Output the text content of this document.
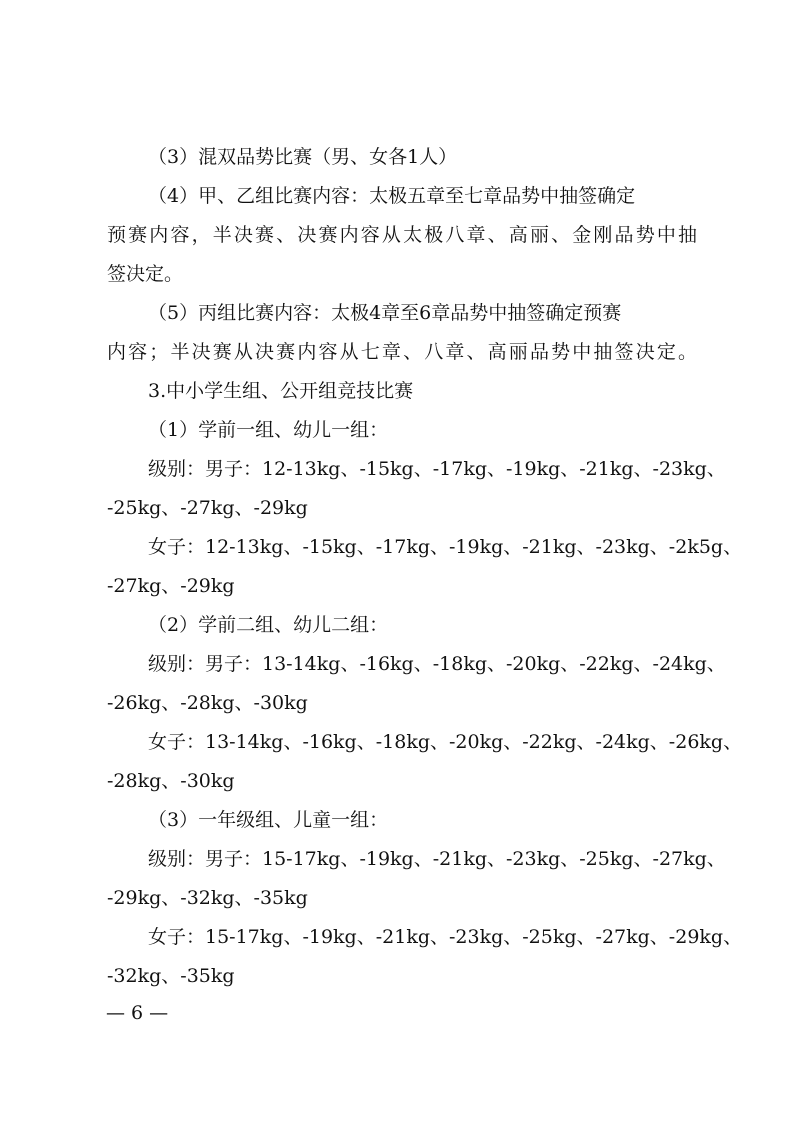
（3）混双品势比赛（男、女各1人）
（4）甲、乙组比赛内容：太极五章至七章品势中抽签确定
预赛内容，半决赛、决赛内容从太极八章、高丽、金刚品势中抽
签决定。
（5）丙组比赛内容：太极4章至6章品势中抽签确定预赛
内容；半决赛从决赛内容从七章、八章、高丽品势中抽签决定。
3.中小学生组、公开组竞技比赛
（1）学前一组、幼儿一组：
级别：男子：12-13kg、-15kg、-17kg、-19kg、-21kg、-23kg、
-25kg、-27kg、-29kg
女子：12-13kg、-15kg、-17kg、-19kg、-21kg、-23kg、-2k5g、
-27kg、-29kg
（2）学前二组、幼儿二组：
级别：男子：13-14kg、-16kg、-18kg、-20kg、-22kg、-24kg、
-26kg、-28kg、-30kg
女子：13-14kg、-16kg、-18kg、-20kg、-22kg、-24kg、-26kg、
-28kg、-30kg
（3）一年级组、儿童一组：
级别：男子：15-17kg、-19kg、-21kg、-23kg、-25kg、-27kg、
-29kg、-32kg、-35kg
女子：15-17kg、-19kg、-21kg、-23kg、-25kg、-27kg、-29kg、
-32kg、-35kg
— 6 —
